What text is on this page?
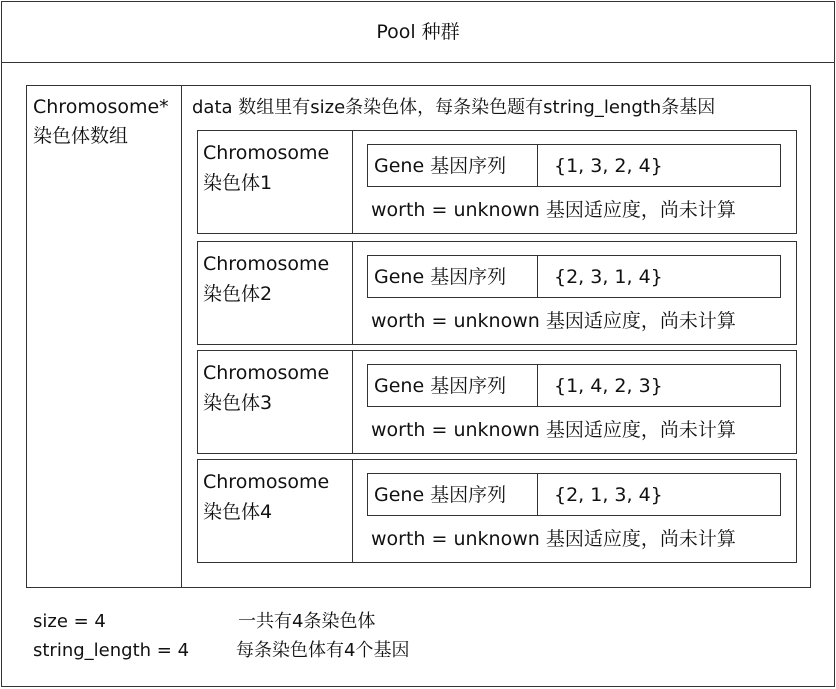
Pool 种群
Chromosome*
染色体数组
data 数组里有size条染色体，每条染色题有string_length条基因
Chromosome
染色体1
Gene 基因序列	{1, 3, 2, 4}
worth = unknown 基因适应度，尚未计算
Chromosome
染色体2
Gene 基因序列	{2, 3, 1, 4}
worth = unknown 基因适应度，尚未计算
Chromosome
染色体3
Gene 基因序列	{1, 4, 2, 3}
worth = unknown 基因适应度，尚未计算
Chromosome
染色体4
Gene 基因序列	{2, 1, 3, 4}
worth = unknown 基因适应度，尚未计算
size = 4	一共有4条染色体
string_length = 4	每条染色体有4个基因
